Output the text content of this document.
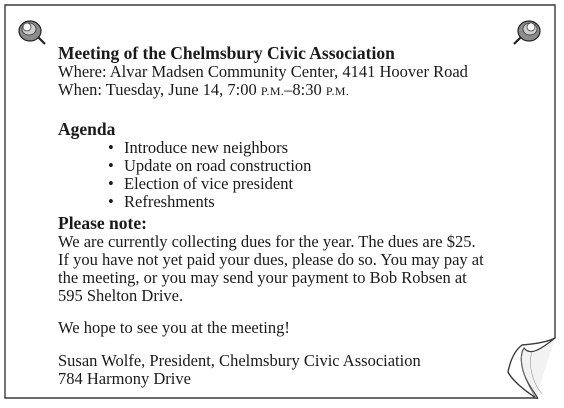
Meeting of the Chelmsbury Civic Association

Where: Alvar Madsen Community Center, 4141 Hoover Road

When: Tuesday, June 14, 7:00 P.M.–8:30 P.M.

Agenda

• Introduce new neighbors
• Update on road construction
• Election of vice president
• Refreshments

Please note:

We are currently collecting dues for the year. The dues are $25.

If you have not yet paid your dues, please do so. You may pay at

the meeting, or you may send your payment to Bob Robsen at

595 Shelton Drive.

We hope to see you at the meeting!

Susan Wolfe, President, Chelmsbury Civic Association

784 Harmony Drive
